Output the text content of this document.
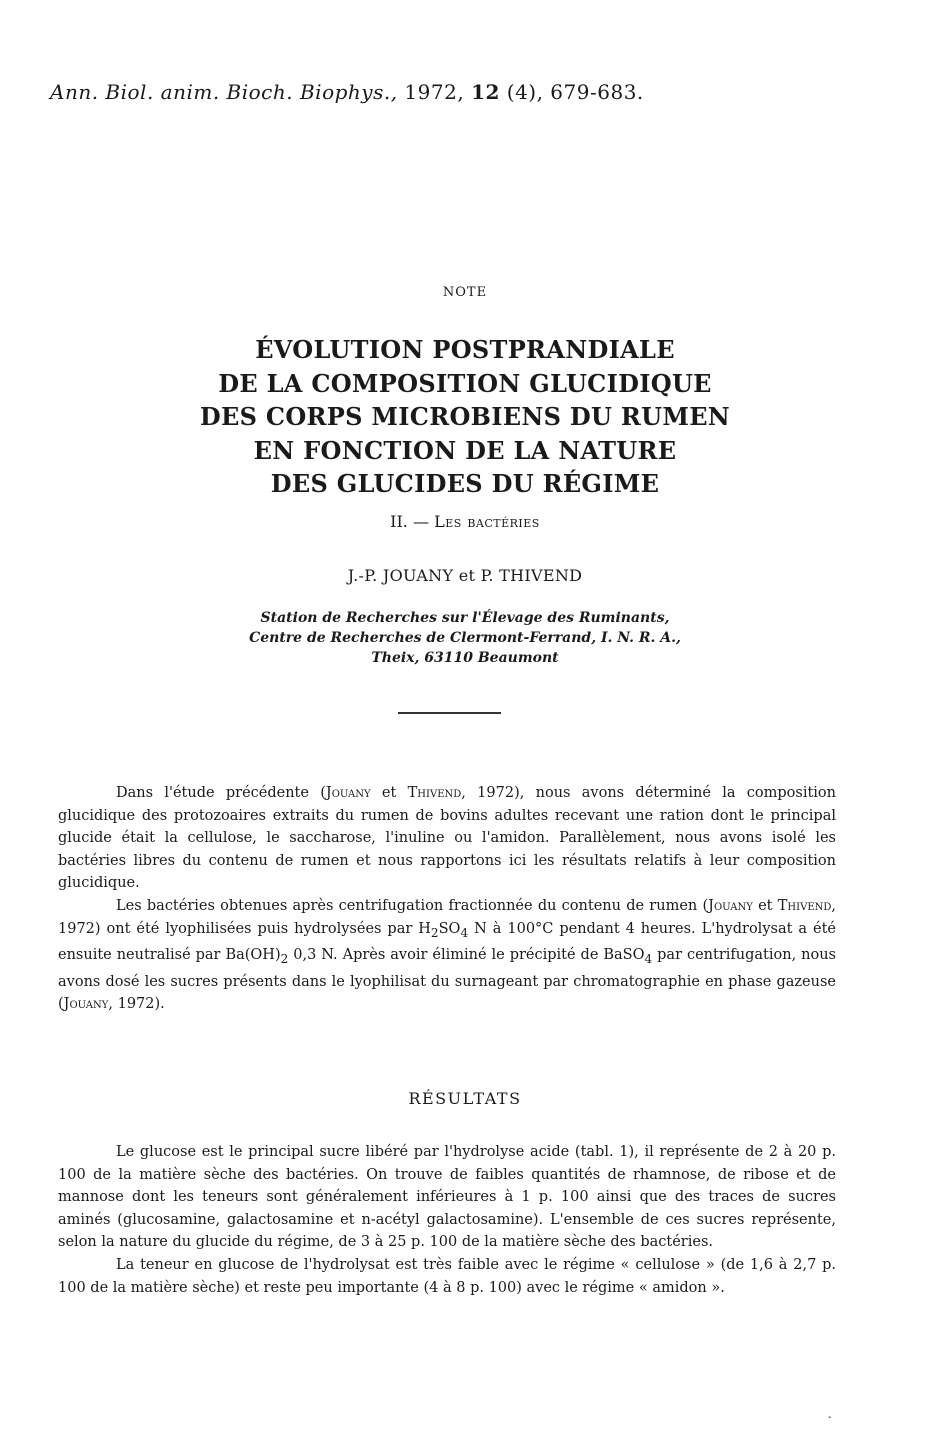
Ann. Biol. anim. Bioch. Biophys., 1972, 12 (4), 679-683.
NOTE
ÉVOLUTION POSTPRANDIALE
DE LA COMPOSITION GLUCIDIQUE
DES CORPS MICROBIENS DU RUMEN
EN FONCTION DE LA NATURE
DES GLUCIDES DU RÉGIME
II. — Les bactéries
J.-P. JOUANY et P. THIVEND
Station de Recherches sur l'Élevage des Ruminants,
Centre de Recherches de Clermont-Ferrand, I. N. R. A.,
Theix, 63110 Beaumont

Dans l'étude précédente (Jouany et Thivend, 1972), nous avons déterminé la composition glucidique des protozoaires extraits du rumen de bovins adultes recevant une ration dont le principal glucide était la cellulose, le saccharose, l'inuline ou l'amidon. Parallèlement, nous avons isolé les bactéries libres du contenu de rumen et nous rapportons ici les résultats relatifs à leur composition glucidique.

Les bactéries obtenues après centrifugation fractionnée du contenu de rumen (Jouany et Thivend, 1972) ont été lyophilisées puis hydrolysées par $H_2SO_4$ N à 100°C pendant 4 heures. L'hydrolysat a été ensuite neutralisé par $Ba(OH)_2$ 0,3 N. Après avoir éliminé le précipité de BaSO$_4$ par centrifugation, nous avons dosé les sucres présents dans le lyophilisat du surnageant par chromatographie en phase gazeuse (Jouany, 1972).

RÉSULTATS

Le glucose est le principal sucre libéré par l'hydrolyse acide (tabl. 1), il représente de 2 à 20 p. 100 de la matière sèche des bactéries. On trouve de faibles quantités de rhamnose, de ribose et de mannose dont les teneurs sont généralement inférieures à 1 p. 100 ainsi que des traces de sucres aminés (glucosamine, galactosamine et n-acétyl galactosamine). L'ensemble de ces sucres représente, selon la nature du glucide du régime, de 3 à 25 p. 100 de la matière sèche des bactéries.

La teneur en glucose de l'hydrolysat est très faible avec le régime « cellulose » (de 1,6 à 2,7 p. 100 de la matière sèche) et reste peu importante (4 à 8 p. 100) avec le régime « amidon ».

-
